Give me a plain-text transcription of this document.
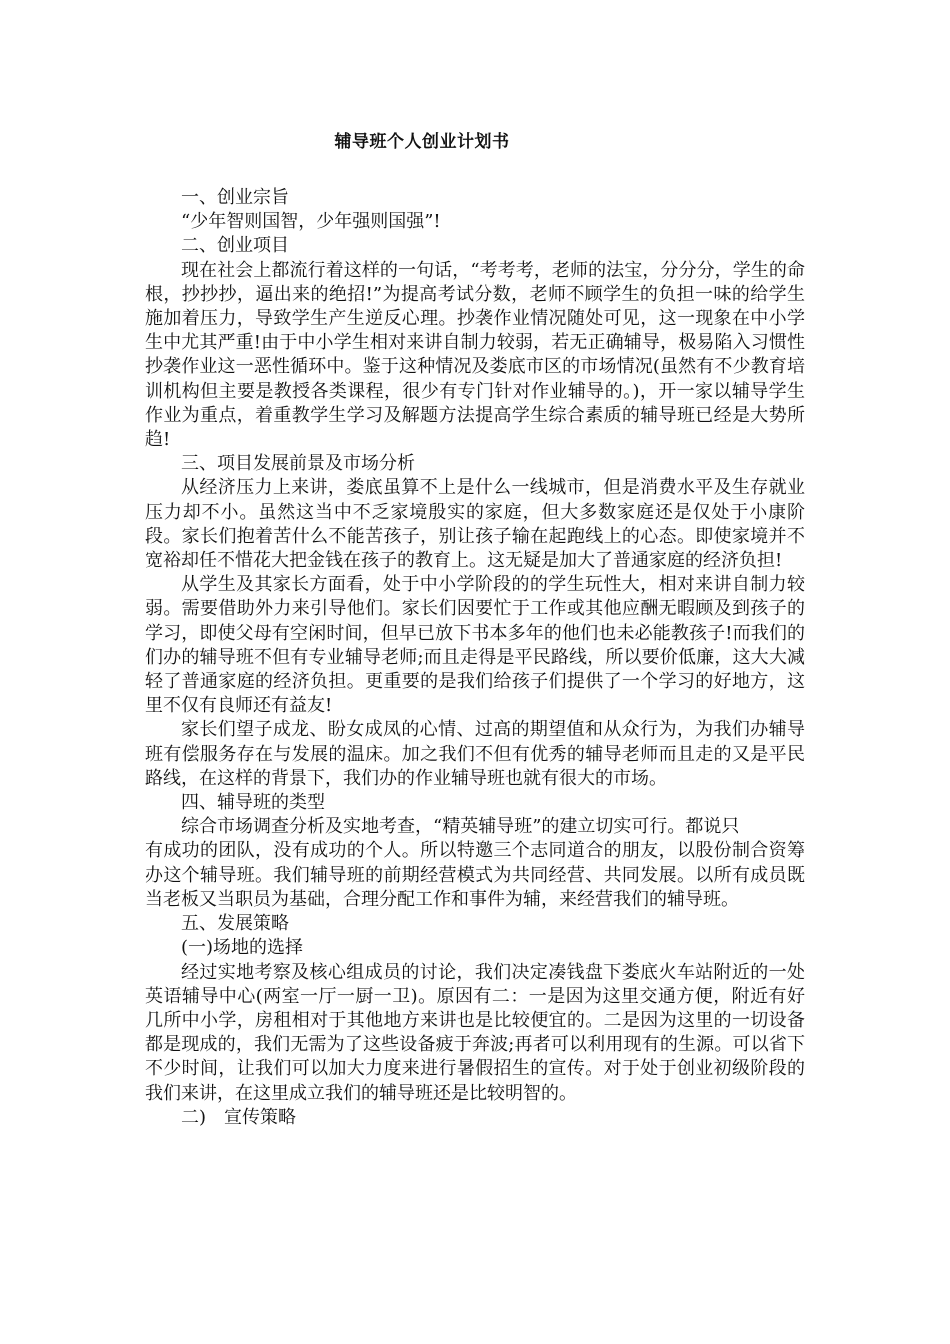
辅导班个人创业计划书

一、创业宗旨

“少年智则国智，少年强则国强”!

二、创业项目

现在社会上都流行着这样的一句话，“考考考，老师的法宝，分分分，学生的命根，抄抄抄，逼出来的绝招!”为提高考试分数，老师不顾学生的负担一味的给学生施加着压力，导致学生产生逆反心理。抄袭作业情况随处可见，这一现象在中小学生中尤其严重!由于中小学生相对来讲自制力较弱，若无正确辅导，极易陷入习惯性抄袭作业这一恶性循环中。鉴于这种情况及娄底市区的市场情况(虽然有不少教育培训机构但主要是教授各类课程，很少有专门针对作业辅导的。)，开一家以辅导学生作业为重点，着重教学生学习及解题方法提高学生综合素质的辅导班已经是大势所趋!

三、项目发展前景及市场分析

从经济压力上来讲，娄底虽算不上是什么一线城市，但是消费水平及生存就业压力却不小。虽然这当中不乏家境殷实的家庭，但大多数家庭还是仅处于小康阶段。家长们抱着苦什么不能苦孩子，别让孩子输在起跑线上的心态。即使家境并不宽裕却任不惜花大把金钱在孩子的教育上。这无疑是加大了普通家庭的经济负担!

从学生及其家长方面看，处于中小学阶段的的学生玩性大，相对来讲自制力较弱。需要借助外力来引导他们。家长们因要忙于工作或其他应酬无暇顾及到孩子的学习，即使父母有空闲时间，但早已放下书本多年的他们也未必能教孩子!而我们的们办的辅导班不但有专业辅导老师;而且走得是平民路线，所以要价低廉，这大大减轻了普通家庭的经济负担。更重要的是我们给孩子们提供了一个学习的好地方，这里不仅有良师还有益友!

家长们望子成龙、盼女成凤的心情、过高的期望值和从众行为，为我们办辅导班有偿服务存在与发展的温床。加之我们不但有优秀的辅导老师而且走的又是平民路线，在这样的背景下，我们办的作业辅导班也就有很大的市场。

四、辅导班的类型

综合市场调查分析及实地考查，“精英辅导班”的建立切实可行。都说只

有成功的团队，没有成功的个人。所以特邀三个志同道合的朋友，以股份制合资筹办这个辅导班。我们辅导班的前期经营模式为共同经营、共同发展。以所有成员既当老板又当职员为基础，合理分配工作和事件为辅，来经营我们的辅导班。

五、发展策略

(一)场地的选择

经过实地考察及核心组成员的讨论，我们决定凑钱盘下娄底火车站附近的一处英语辅导中心(两室一厅一厨一卫)。原因有二：一是因为这里交通方便，附近有好几所中小学，房租相对于其他地方来讲也是比较便宜的。二是因为这里的一切设备都是现成的，我们无需为了这些设备疲于奔波;再者可以利用现有的生源。可以省下不少时间，让我们可以加大力度来进行暑假招生的宣传。对于处于创业初级阶段的我们来讲，在这里成立我们的辅导班还是比较明智的。

二)　宣传策略
